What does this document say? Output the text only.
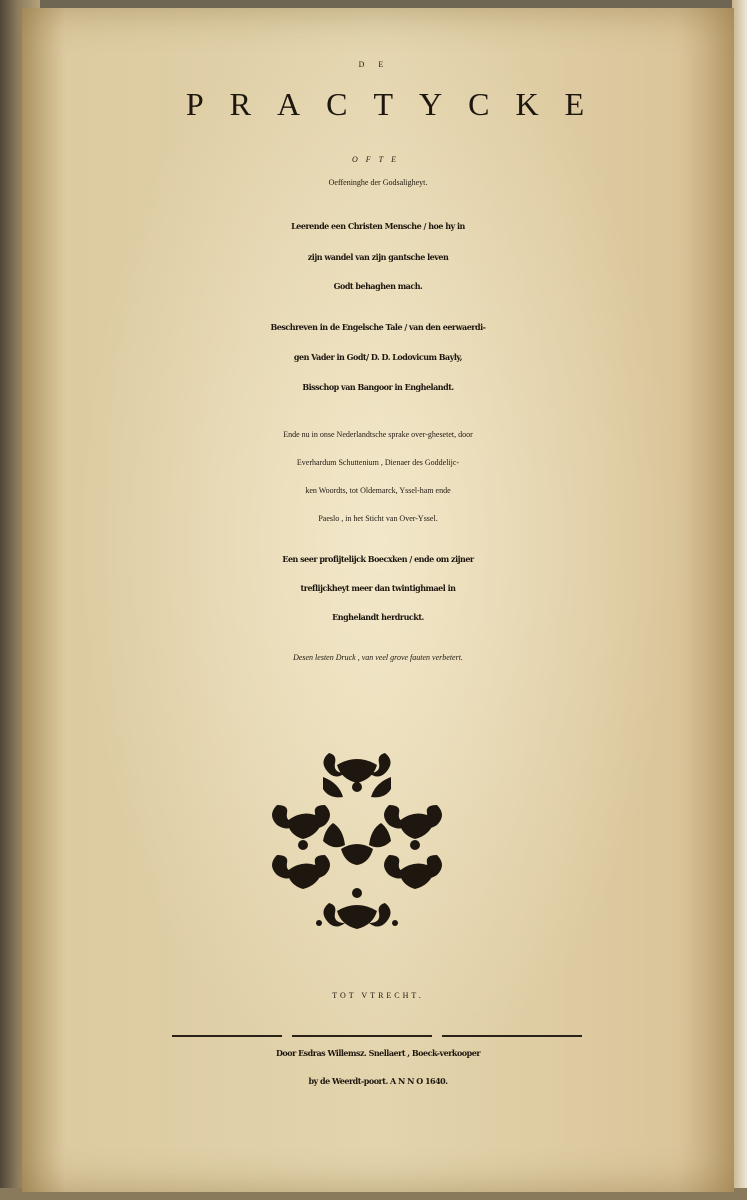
DE
PRACTYCKE
OFTE
Oeffeninghe der Godsaligheyt.
Leerende een Christen Mensche / hoe hy in
zijn wandel van zijn gantsche leven
Godt behaghen mach.
Beschreven in de Engelsche Tale / van den eerwaerdi-
gen Vader in Godt/ D. D. Lodovicum Bayly,
Bisschop van Bangoor in Enghelandt.
Ende nu in onse Nederlandtsche sprake over-ghesetet, door
Everhardum Schuttenium , Dienaer des Goddelijc-
ken Woordts, tot Oldemarck, Yssel-ham ende
Paeslo , in het Sticht van Over-Yssel.
Een seer profijtelijck Boecxken / ende om zijner
treflijckheyt meer dan twintighmael in
Enghelandt herdruckt.
Desen lesten Druck , van veel grove fauten verbetert.
TOT VTRECHT.
Door Esdras Willemsz. Snellaert , Boeck-verkooper
by de Weerdt-poort. A N N O 1640.
